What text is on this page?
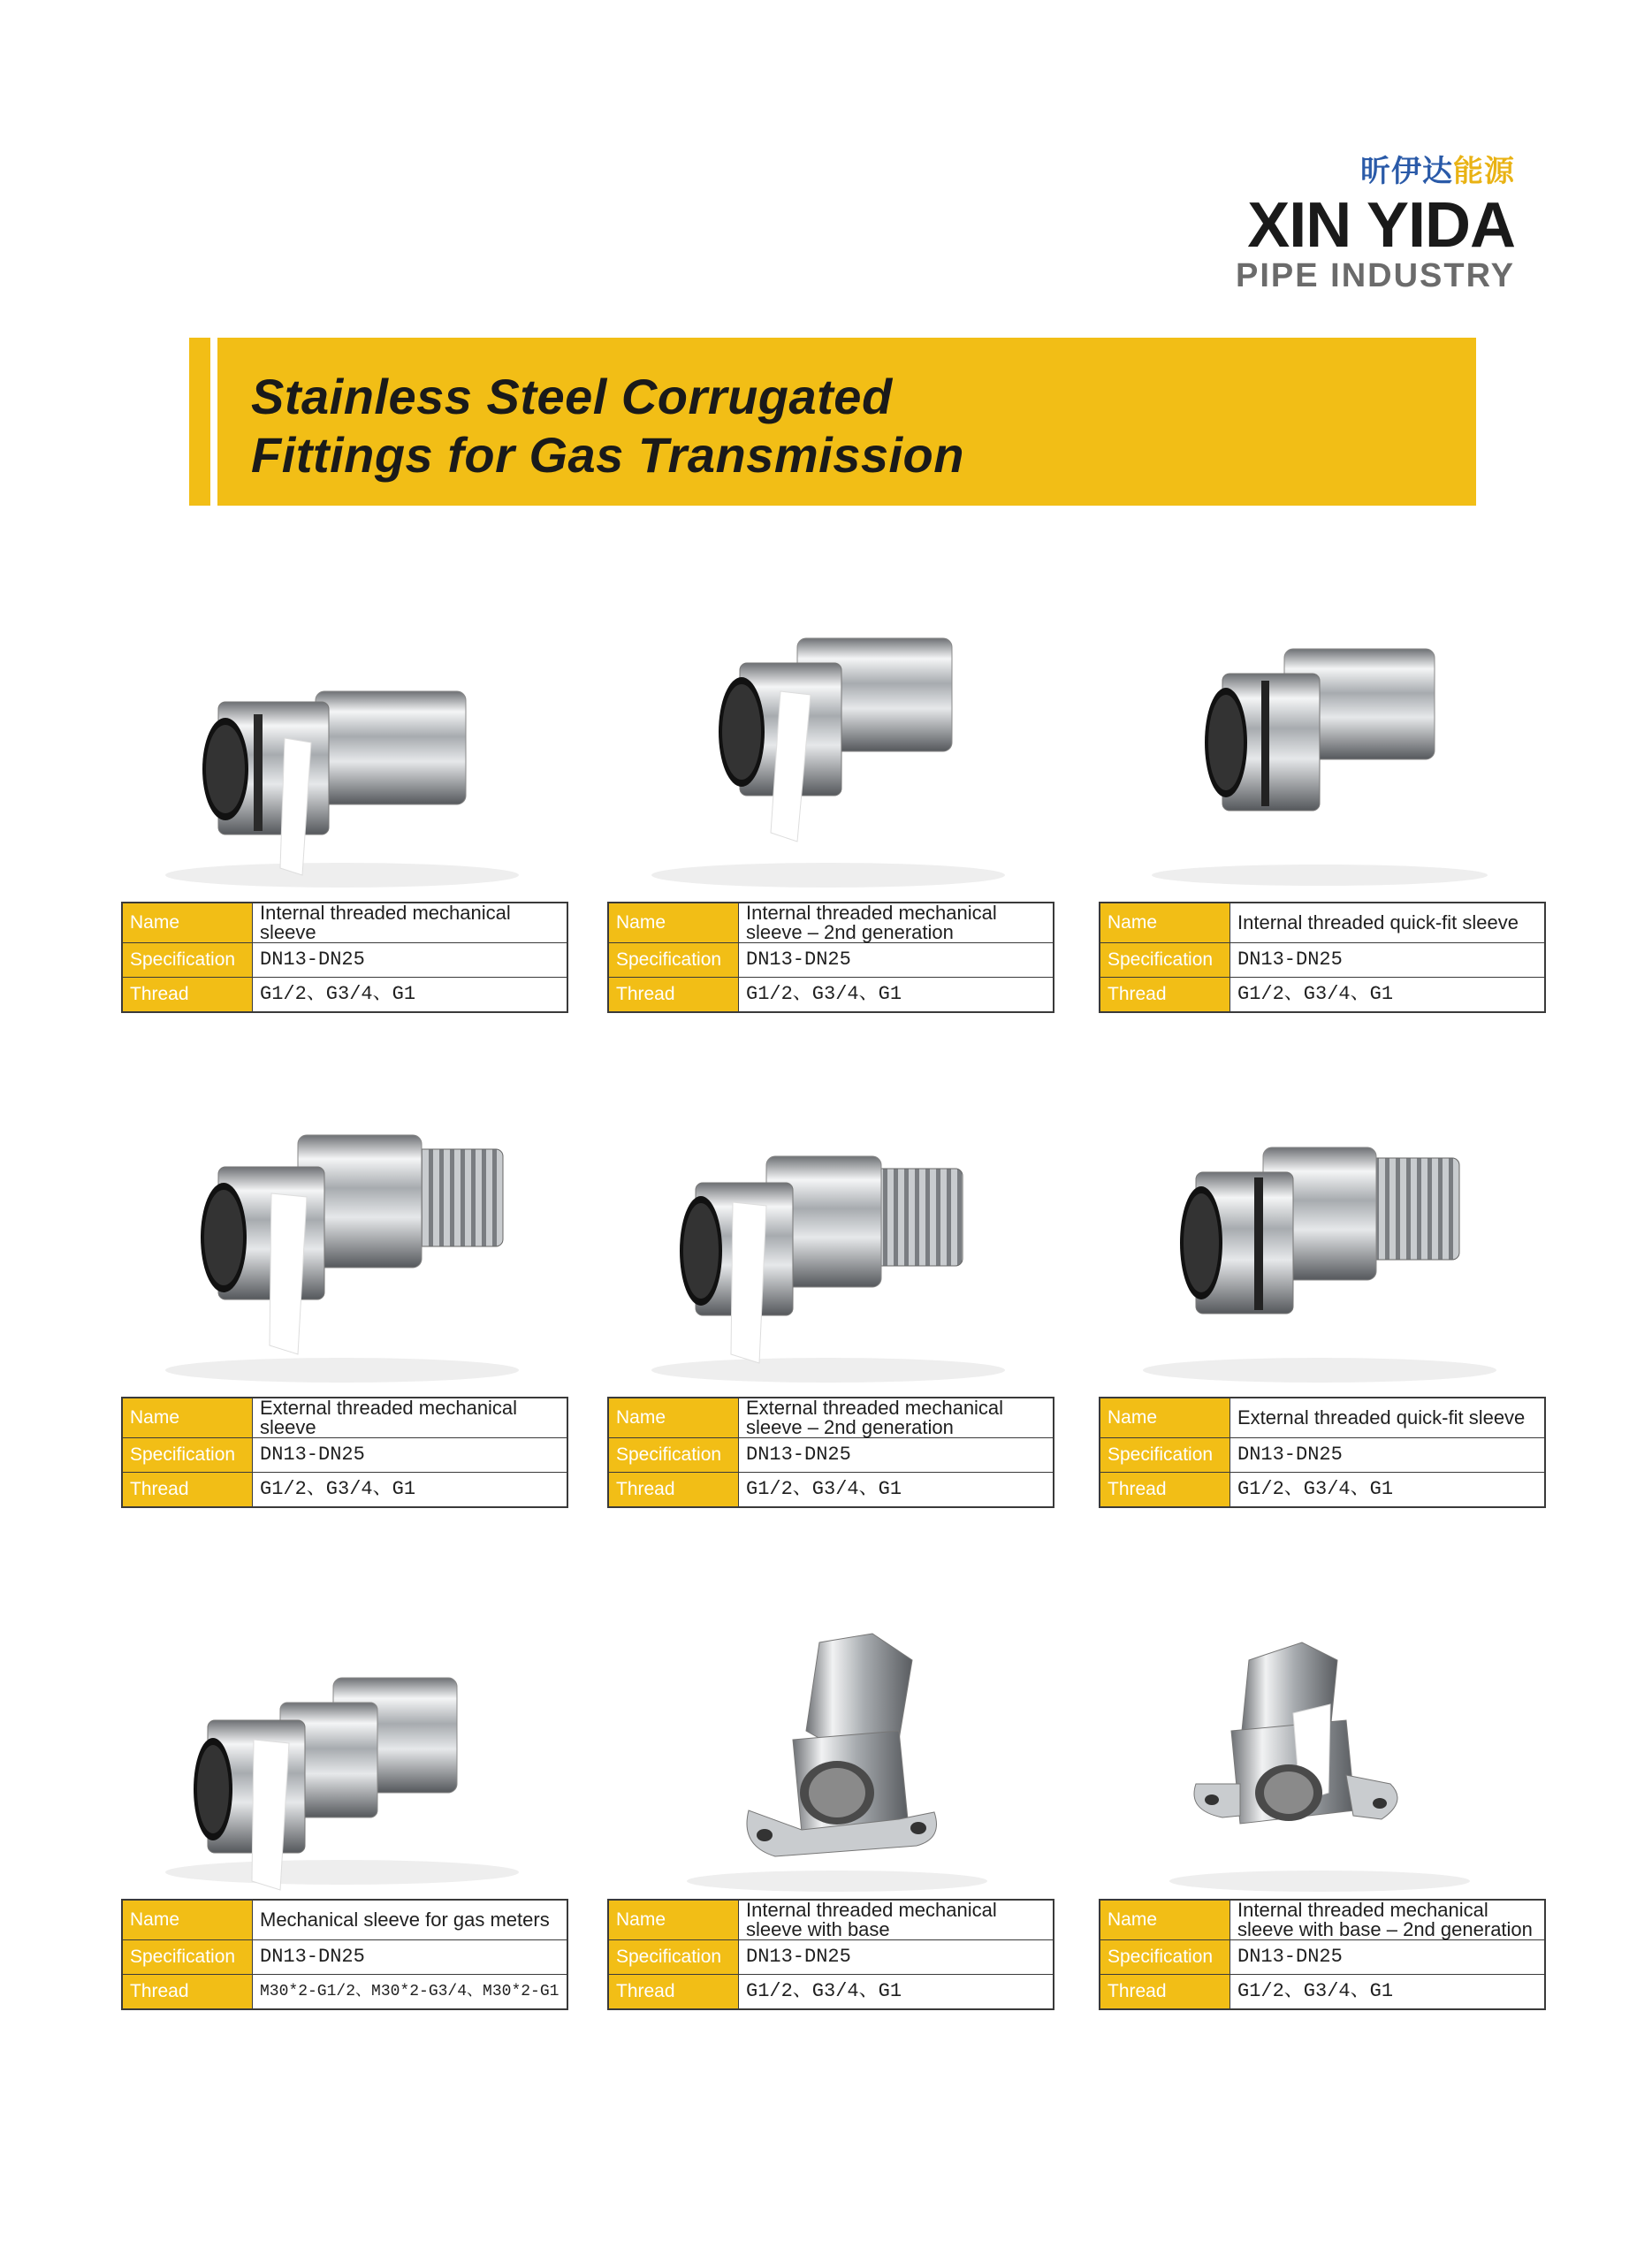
昕伊达能源
XIN YIDA
PIPE INDUSTRY
Stainless Steel Corrugated
Fittings for Gas Transmission
Name	Internal threaded mechanical sleeve
Specification	DN13-DN25
Thread	G1/2、G3/4、G1
Name	Internal threaded mechanical sleeve – 2nd generation
Specification	DN13-DN25
Thread	G1/2、G3/4、G1
Name	Internal threaded quick-fit sleeve
Specification	DN13-DN25
Thread	G1/2、G3/4、G1
Name	External threaded mechanical sleeve
Specification	DN13-DN25
Thread	G1/2、G3/4、G1
Name	External threaded mechanical sleeve – 2nd generation
Specification	DN13-DN25
Thread	G1/2、G3/4、G1
Name	External threaded quick-fit sleeve
Specification	DN13-DN25
Thread	G1/2、G3/4、G1
Name	Mechanical sleeve for gas meters
Specification	DN13-DN25
Thread	M30*2-G1/2、M30*2-G3/4、M30*2-G1
Name	Internal threaded mechanical sleeve with base
Specification	DN13-DN25
Thread	G1/2、G3/4、G1
Name	Internal threaded mechanical sleeve with base – 2nd generation
Specification	DN13-DN25
Thread	G1/2、G3/4、G1
